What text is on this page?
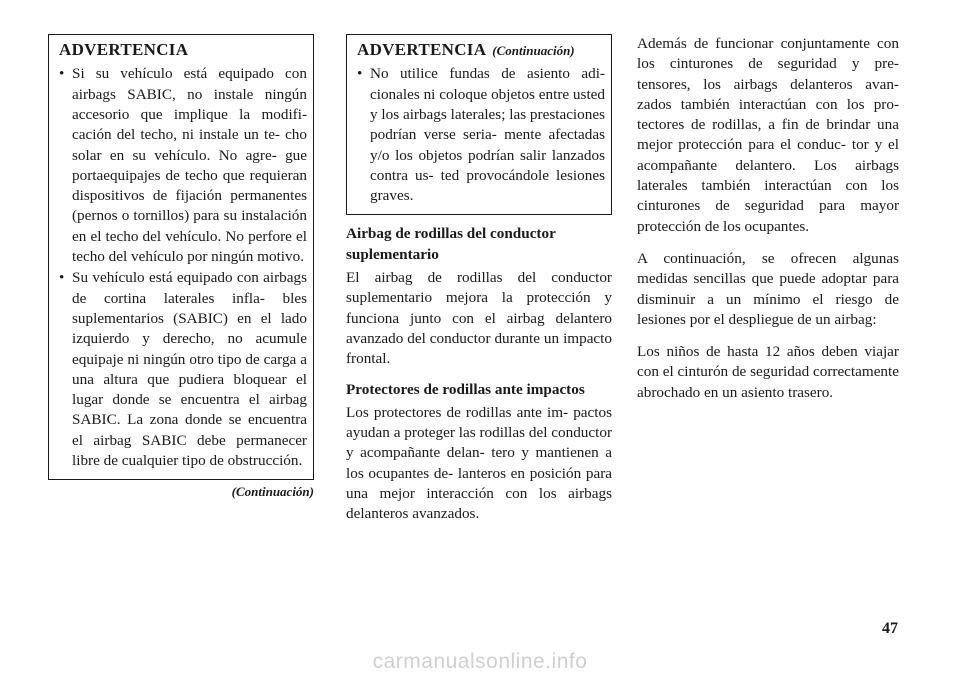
ADVERTENCIA
• Si su vehículo está equipado con airbags SABIC, no instale ningún accesorio que implique la modifi- cación del techo, ni instale un te- cho solar en su vehículo. No agre- gue portaequipajes de techo que requieran dispositivos de fijación permanentes (pernos o tornillos) para su instalación en el techo del vehículo. No perfore el techo del vehículo por ningún motivo.
• Su vehículo está equipado con airbags de cortina laterales infla- bles suplementarios (SABIC) en el lado izquierdo y derecho, no acumule equipaje ni ningún otro tipo de carga a una altura que pudiera bloquear el lugar donde se encuentra el airbag SABIC. La zona donde se encuentra el airbag SABIC debe permanecer libre de cualquier tipo de obstrucción.
(Continuación)
ADVERTENCIA (Continuación)
• No utilice fundas de asiento adi- cionales ni coloque objetos entre usted y los airbags laterales; las prestaciones podrían verse seria- mente afectadas y/o los objetos podrían salir lanzados contra us- ted provocándole lesiones graves.
Airbag de rodillas del conductor suplementario

El airbag de rodillas del conductor suplementario mejora la protección y funciona junto con el airbag delantero avanzado del conductor durante un impacto frontal.

Protectores de rodillas ante impactos

Los protectores de rodillas ante im- pactos ayudan a proteger las rodillas del conductor y acompañante delan- tero y mantienen a los ocupantes de- lanteros en posición para una mejor interacción con los airbags delanteros avanzados.

Además de funcionar conjuntamente con los cinturones de seguridad y pre- tensores, los airbags delanteros avan- zados también interactúan con los pro- tectores de rodillas, a fin de brindar una mejor protección para el conduc- tor y el acompañante delantero. Los airbags laterales también interactúan con los cinturones de seguridad para mayor protección de los ocupantes.

A continuación, se ofrecen algunas medidas sencillas que puede adoptar para disminuir a un mínimo el riesgo de lesiones por el despliegue de un airbag:

Los niños de hasta 12 años deben viajar con el cinturón de seguridad correctamente abrochado en un asiento trasero.

47
carmanualsonline.info
